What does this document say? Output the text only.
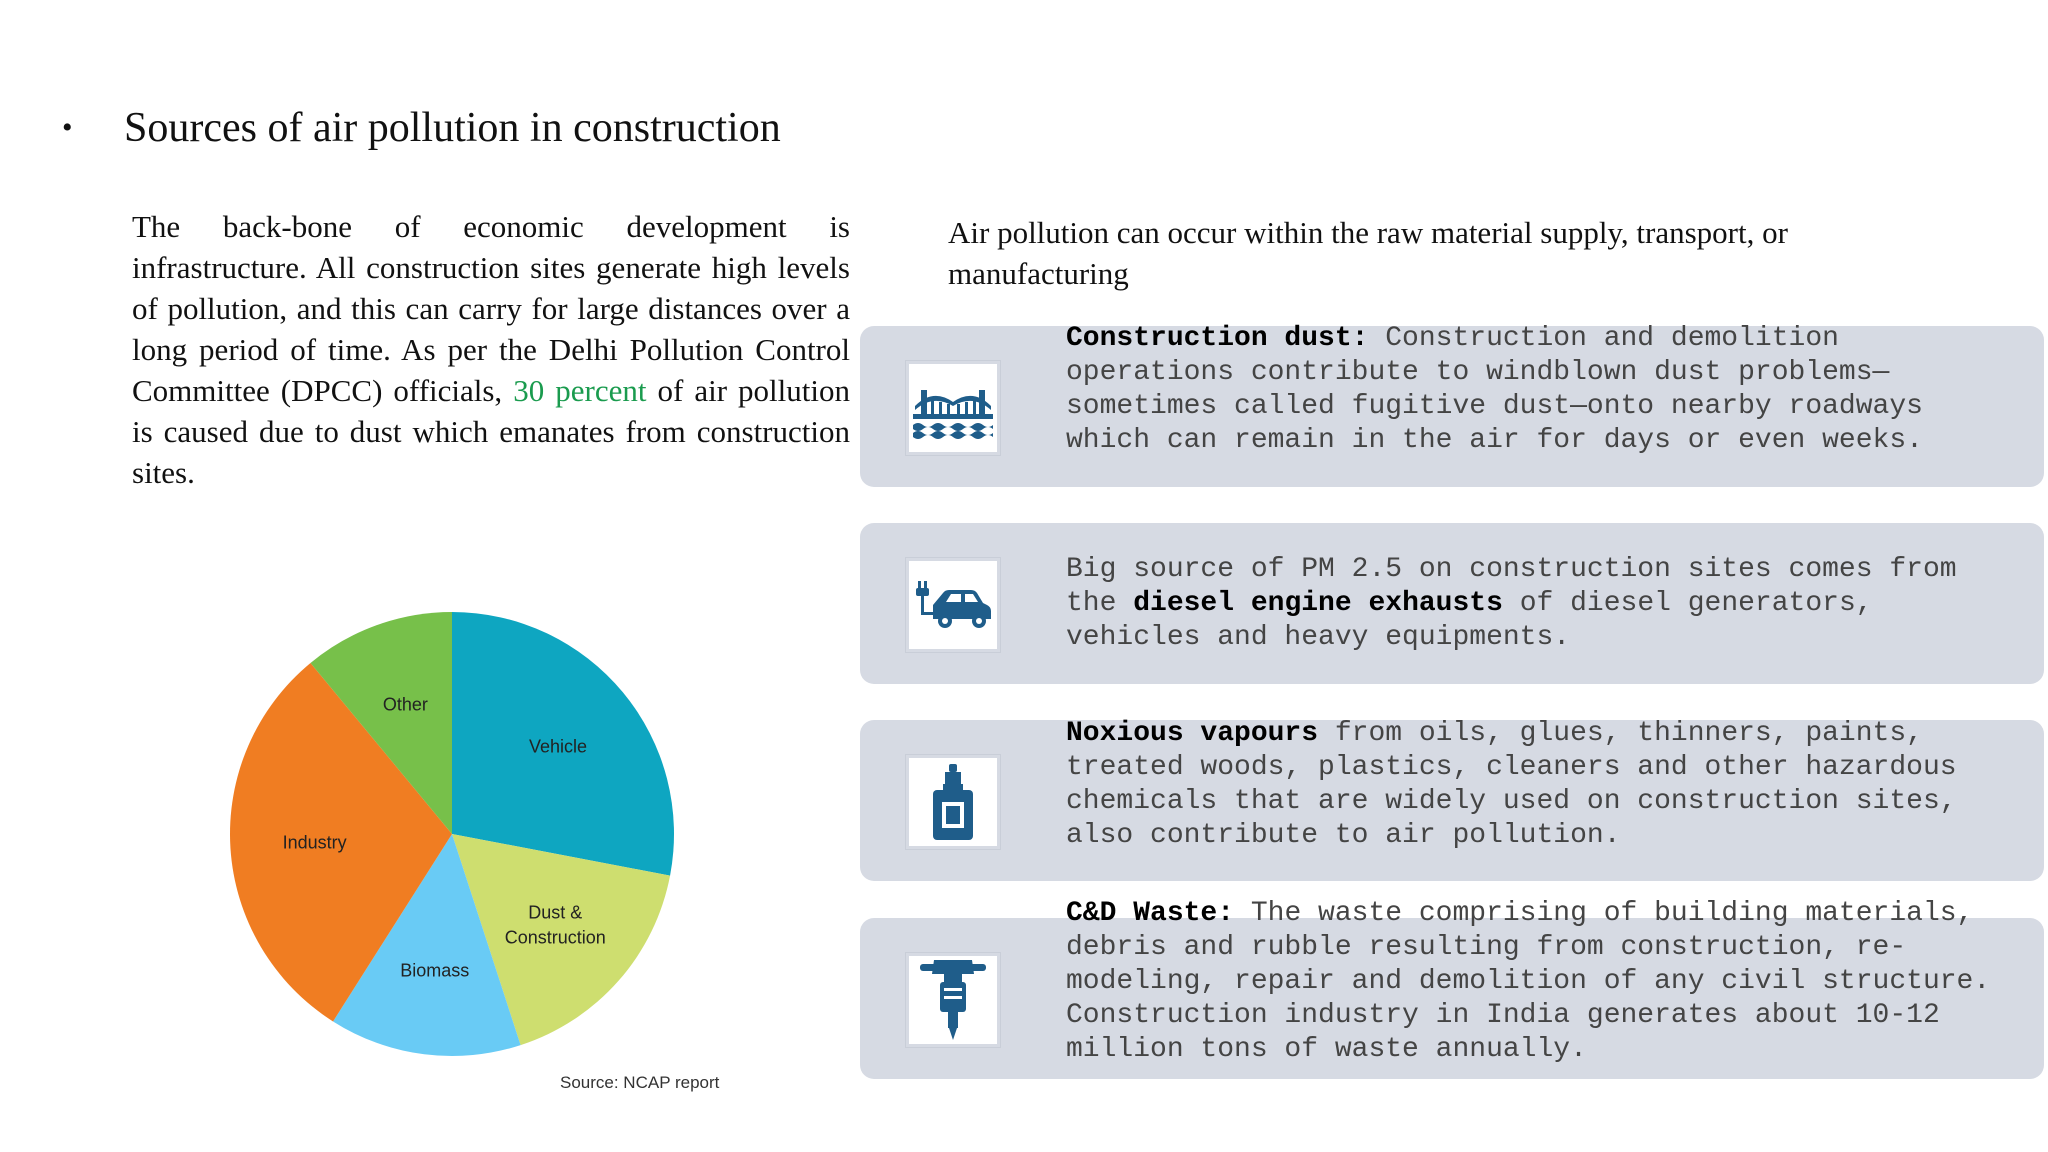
•	Sources of air pollution in construction
The back-bone of economic development is infrastructure. All construction sites generate high levels of pollution, and this can carry for large distances over a long period of time. As per the Delhi Pollution Control Committee (DPCC) officials, 30 percent of air pollution is caused due to dust which emanates from construction sites.
Air pollution can occur within the raw material supply, transport, or manufacturing
Construction dust: Construction and demolition operations contribute to windblown dust problems—sometimes called fugitive dust—onto nearby roadways which can remain in the air for days or even weeks.
Big source of PM 2.5 on construction sites comes from the diesel engine exhausts of diesel generators, vehicles and heavy equipments.
Noxious vapours from oils, glues, thinners, paints, treated woods, plastics, cleaners and other hazardous chemicals that are widely used on construction sites, also contribute to air pollution.
C&D Waste: The waste comprising of building materials, debris and rubble resulting from construction, re-modeling, repair and demolition of any civil structure. Construction industry in India generates about 10-12 million tons of waste annually.
Vehicle
Dust & Construction
Biomass
Industry
Other
Source: NCAP report
